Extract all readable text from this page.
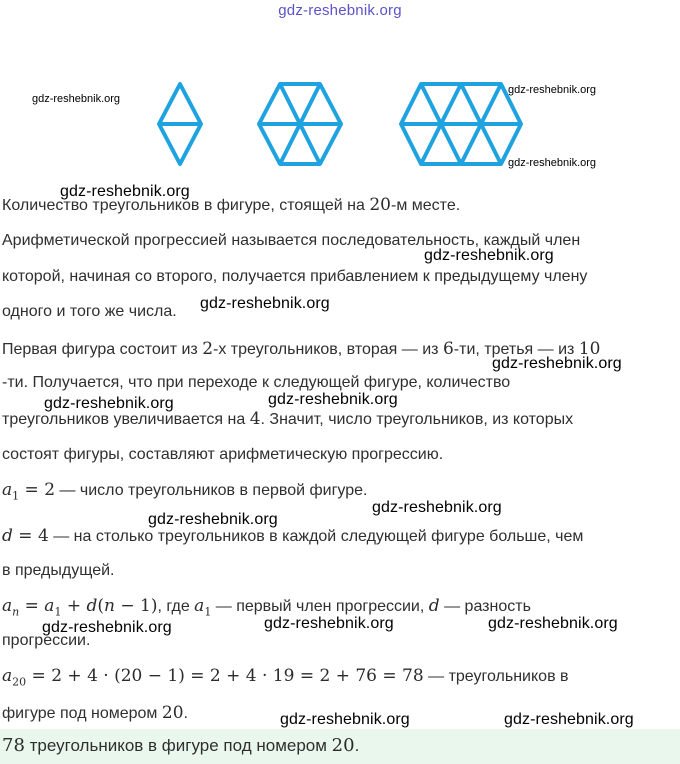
gdz-reshebnik.org
gdz-reshebnik.org
gdz-reshebnik.org
gdz-reshebnik.org
gdz-reshebnik.org
gdz-reshebnik.org
gdz-reshebnik.org
gdz-reshebnik.org
gdz-reshebnik.org	gdz-reshebnik.org
gdz-reshebnik.org
gdz-reshebnik.org
gdz-reshebnik.org	gdz-reshebnik.org	gdz-reshebnik.org
gdz-reshebnik.org	gdz-reshebnik.org
Количество треугольников в фигуре, стоящей на 20-м месте.
Арифметической прогрессией называется последовательность, каждый член
которой, начиная со второго, получается прибавлением к предыдущему члену
одного и того же числа.
Первая фигура состоит из 2-х треугольников, вторая — из 6-ти, третья — из 10
-ти. Получается, что при переходе к следующей фигуре, количество
треугольников увеличивается на 4. Значит, число треугольников, из которых
состоят фигуры, составляют арифметическую прогрессию.
$a_1 = 2$ — число треугольников в первой фигуре.
d = 4 — на столько треугольников в каждой следующей фигуре больше, чем
в предыдущей.
$a_n = a_1 + d(n - 1)$, где $a_1$ — первый член прогрессии, d — разность
прогрессии.
$a_{20} = 2 + 4 \cdot (20 - 1) = 2 + 4 \cdot 19 = 2 + 76 = 78$ — треугольников в
фигуре под номером 20.
78 треугольников в фигуре под номером 20.
